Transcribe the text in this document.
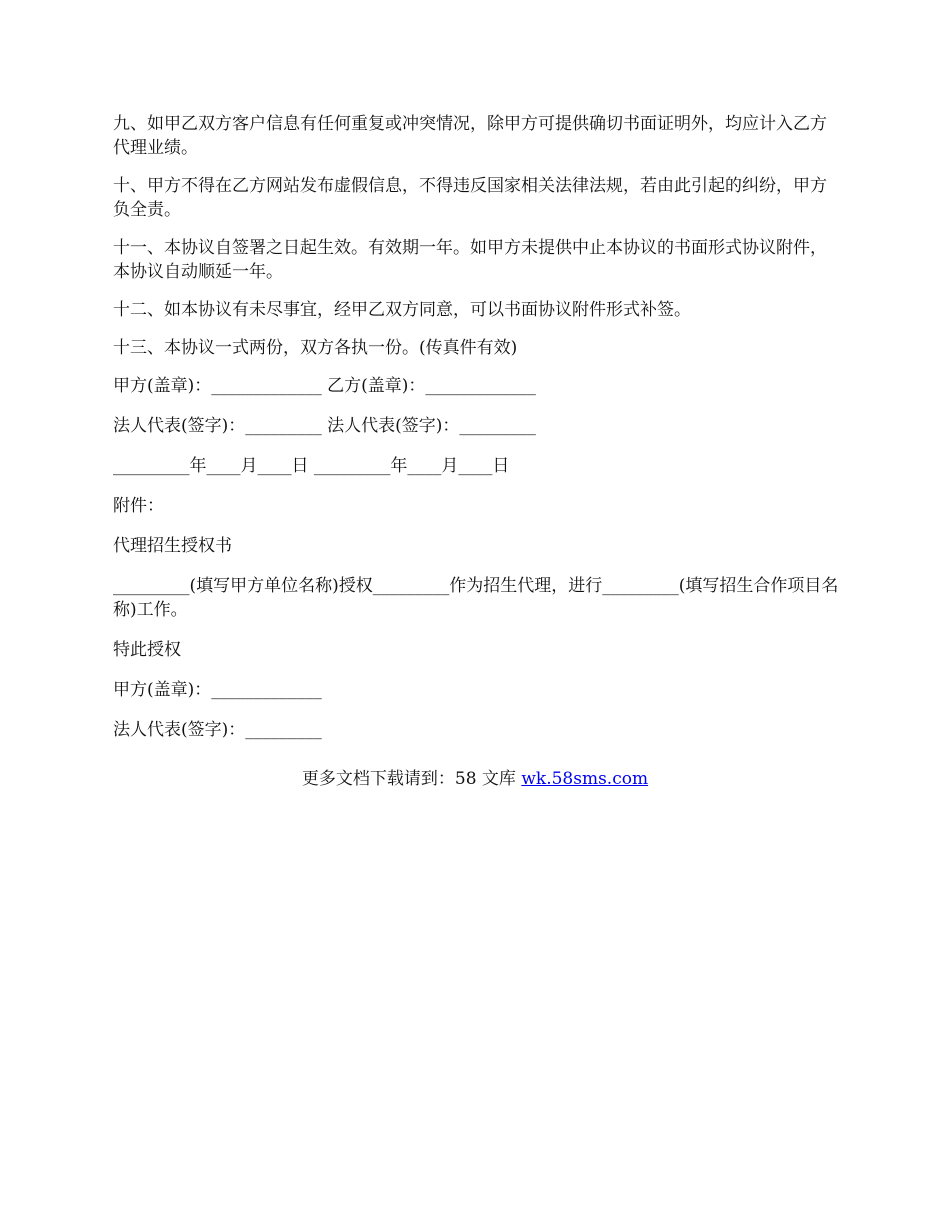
九、如甲乙双方客户信息有任何重复或冲突情况，除甲方可提供确切书面证明外，均应计入乙方代理业绩。

十、甲方不得在乙方网站发布虚假信息，不得违反国家相关法律法规，若由此引起的纠纷，甲方负全责。

十一、本协议自签署之日起生效。有效期一年。如甲方未提供中止本协议的书面形式协议附件，本协议自动顺延一年。

十二、如本协议有未尽事宜，经甲乙双方同意，可以书面协议附件形式补签。

十三、本协议一式两份，双方各执一份。(传真件有效)

甲方(盖章)：_____________ 乙方(盖章)：_____________

法人代表(签字)：_________ 法人代表(签字)：_________

_________年____月____日 _________年____月____日

附件：

代理招生授权书

_________(填写甲方单位名称)授权_________作为招生代理，进行_________(填写招生合作项目名称)工作。

特此授权

甲方(盖章)：_____________

法人代表(签字)：_________

更多文档下载请到：58 文库 wk.58sms.com
